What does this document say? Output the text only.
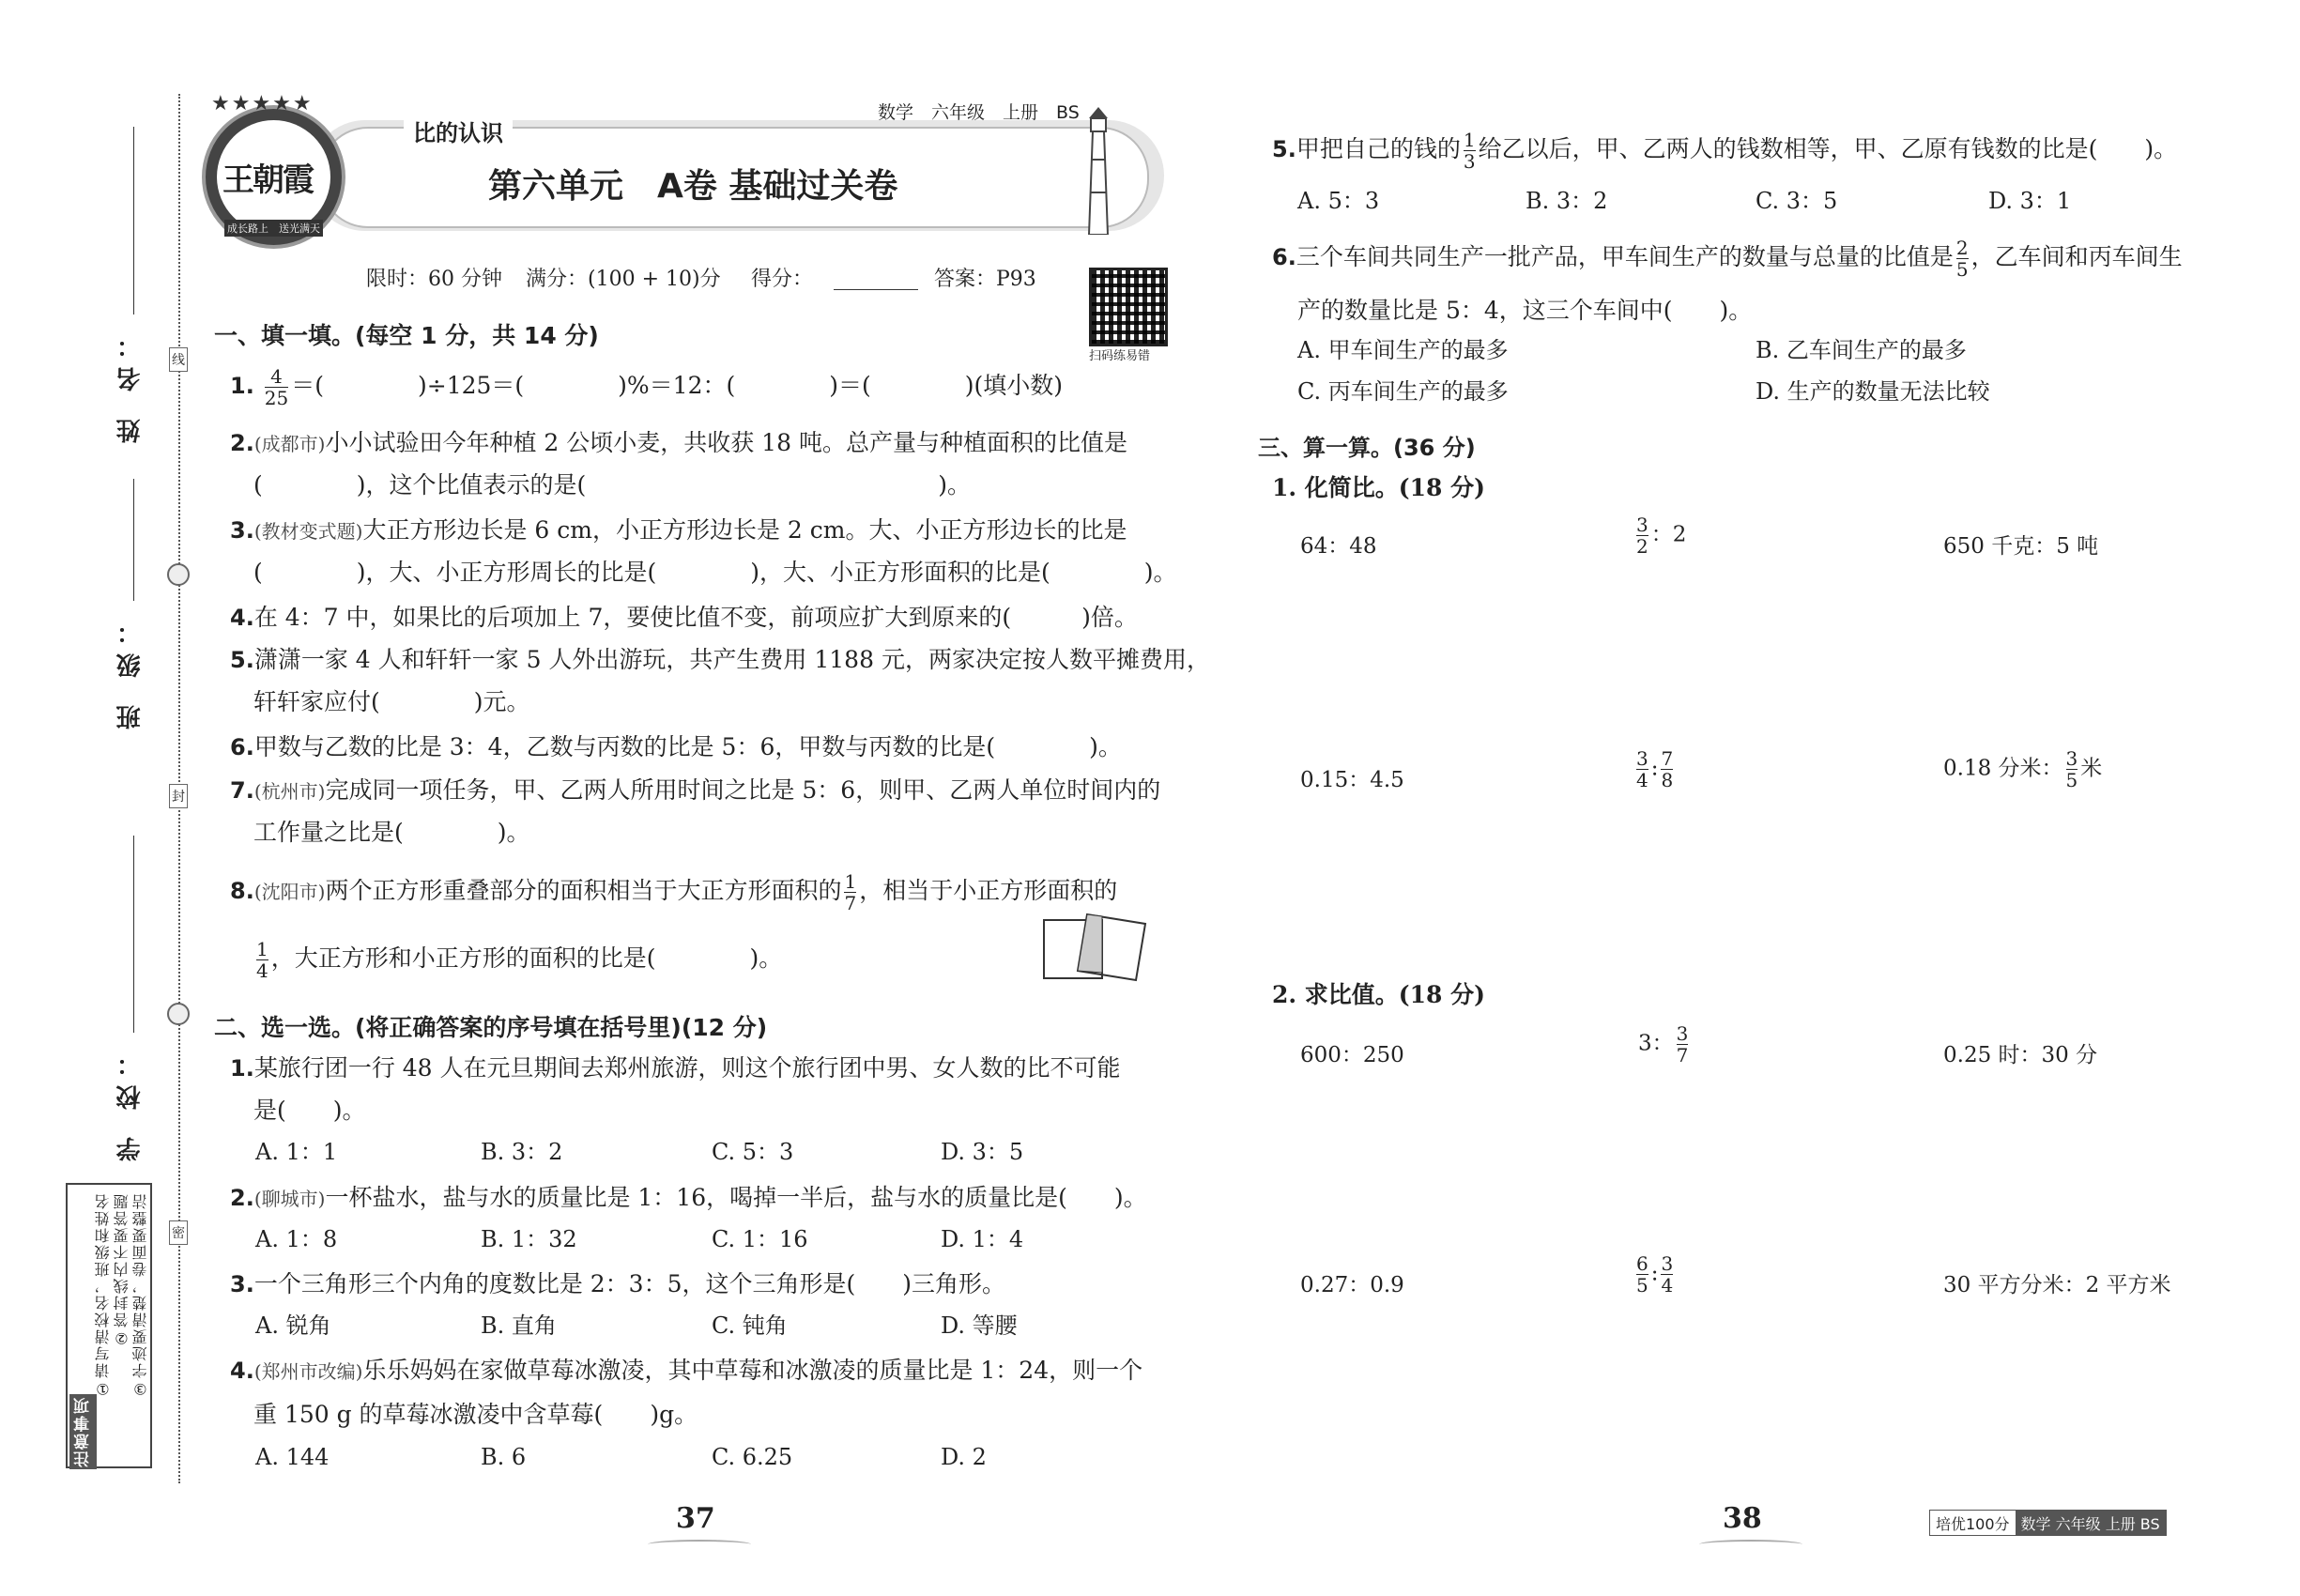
姓 名：
班 级：
学 校：
线
封
密
注意事项
①请写清校名，班级和姓名 ②答封线内不要答题 ③字迹要清楚，卷面要整洁
王朝霞
成长路上　送光满天
★★★★★
比的认识
数学　六年级　上册　BS
第六单元　A卷 基础过关卷
限时：60 分钟 满分：(100 + 10)分 得分：	答案：P93
扫码练易错
一、填一填。(每空 1 分，共 14 分)
1. $\frac{4}{25}$ ＝(　　　　)÷125＝(　　　　)%＝12：(　　　　)＝(　　　　)(填小数)
2.(成都市)小小试验田今年种植 2 公顷小麦，共收获 18 吨。总产量与种植面积的比值是
(　　　　)，这个比值表示的是(　　　　　　　　　　　　　　　)。
3.(教材变式题)大正方形边长是 6 cm，小正方形边长是 2 cm。大、小正方形边长的比是
(　　　　)，大、小正方形周长的比是(　　　　)，大、小正方形面积的比是(　　　　)。
4.在 4：7 中，如果比的后项加上 7，要使比值不变，前项应扩大到原来的(　　　)倍。
5.潇潇一家 4 人和轩轩一家 5 人外出游玩，共产生费用 1188 元，两家决定按人数平摊费用，
轩轩家应付(　　　　)元。
6.甲数与乙数的比是 3：4，乙数与丙数的比是 5：6，甲数与丙数的比是(　　　　)。
7.(杭州市)完成同一项任务，甲、乙两人所用时间之比是 5：6，则甲、乙两人单位时间内的
工作量之比是(　　　　)。
8.(沈阳市)两个正方形重叠部分的面积相当于大正方形面积的 $\frac{1}{7}$ ，相当于小正方形面积的
$\frac{1}{4}$ ，大正方形和小正方形的面积的比是(　　　　)。
二、选一选。(将正确答案的序号填在括号里)(12 分)
1.某旅行团一行 48 人在元旦期间去郑州旅游，则这个旅行团中男、女人数的比不可能
是(　　)。
A. 1：1	B. 3：2	C. 5：3	D. 3：5
2.(聊城市)一杯盐水，盐与水的质量比是 1：16，喝掉一半后，盐与水的质量比是(　　)。
A. 1：8	B. 1：32	C. 1：16	D. 1：4
3.一个三角形三个内角的度数比是 2：3：5，这个三角形是(　　)三角形。
A. 锐角	B. 直角	C. 钝角	D. 等腰
4.(郑州市改编)乐乐妈妈在家做草莓冰激凌，其中草莓和冰激凌的质量比是 1：24，则一个
重 150 g 的草莓冰激凌中含草莓(　　)g。
A. 144	B. 6	C. 6.25	D. 2
5.甲把自己的钱的 $\frac{1}{3}$ 给乙以后，甲、乙两人的钱数相等，甲、乙原有钱数的比是(　　)。
A. 5：3	B. 3：2	C. 3：5	D. 3：1
6.三个车间共同生产一批产品，甲车间生产的数量与总量的比值是 $\frac{2}{5}$ ，乙车间和丙车间生
产的数量比是 5：4，这三个车间中(　　)。
A. 甲车间生产的最多	B. 乙车间生产的最多
C. 丙车间生产的最多	D. 生产的数量无法比较
三、算一算。(36 分)
1. 化简比。(18 分)
64：48	$\frac{3}{2}$ ：2	650 千克：5 吨
0.15：4.5	$\frac{3}{4}$ : $\frac{7}{8}$	0.18 分米： $\frac{3}{5}$ 米
2. 求比值。(18 分)
600：250	3： $\frac{3}{7}$	0.25 时：30 分
0.27：0.9	$\frac{6}{5}$ : $\frac{3}{4}$	30 平方分米：2 平方米
37	38	培优100分 数学 六年级 上册 BS
